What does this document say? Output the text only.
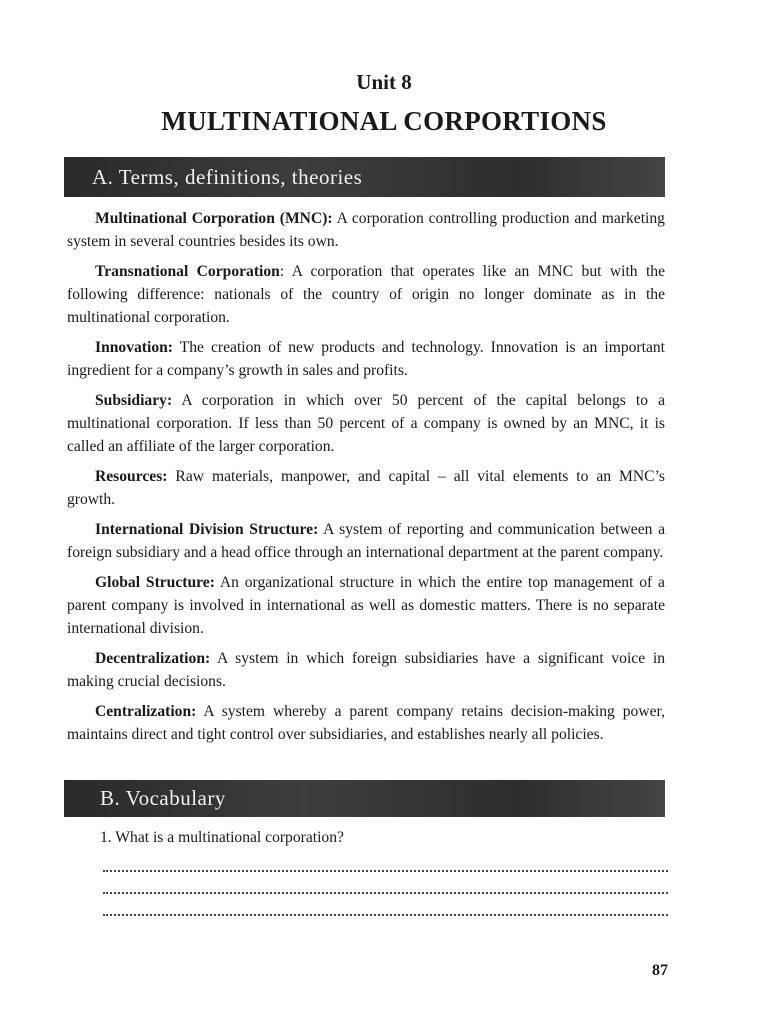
Unit 8
MULTINATIONAL CORPORTIONS
A. Terms, definitions, theories

Multinational Corporation (MNC): A corporation controlling production and marketing system in several countries besides its own.

Transnational Corporation: A corporation that operates like an MNC but with the following difference: nationals of the country of origin no longer dominate as in the multinational corporation.

Innovation: The creation of new products and technology. Innovation is an important ingredient for a company’s growth in sales and profits.

Subsidiary: A corporation in which over 50 percent of the capital belongs to a multinational corporation. If less than 50 percent of a company is owned by an MNC, it is called an affiliate of the larger corporation.

Resources: Raw materials, manpower, and capital – all vital elements to an MNC’s growth.

International Division Structure: A system of reporting and communication between a foreign subsidiary and a head office through an international department at the parent company.

Global Structure: An organizational structure in which the entire top management of a parent company is involved in international as well as domestic matters. There is no separate international division.

Decentralization: A system in which foreign subsidiaries have a significant voice in making crucial decisions.

Centralization: A system whereby a parent company retains decision-making power, maintains direct and tight control over subsidiaries, and establishes nearly all policies.

B. Vocabulary

1. What is a multinational corporation?

87
